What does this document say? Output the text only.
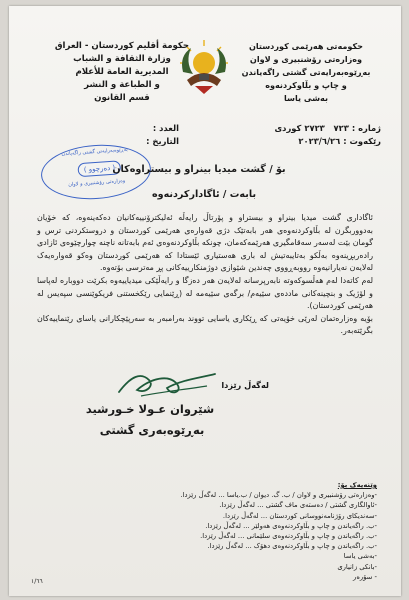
حکومەتی هەرێمی کوردستان
وەزارەتی رۆشنبیری و لاوان
بەڕێوەبەرایەتی گشتی راگەیاندن
و چاپ و بڵاوکردنەوە
بەشی یاسا
حكومة أقليم كوردستان - العراق
وزارة الثقافة و الشباب
المديرية العامة للأعلام
و الطباعة و النشر
قسم القانون
ژمارە : ٧٢٣   ٢٧٢٣ کوردی
رێکەوت : ٢٠٢٣/٦/٢٦
العدد :
التاريخ :
بەڕێوەبەرایەتی گشتی راگەیاندن
( دەرچوو )
وەزارەتی رۆشنبیری و لاوان
بۆ / گشت میدیا بینراو و بیستراوەکان
بابەت / ئاگادارکردنەوە

ئاگاداری گشت میدیا بینراو و بیستراو و پۆرتاڵ رایەڵە ئەلیکترۆنییەکانیان دەکەینەوە، کە خۆیان بەدووربگرن لە بڵاوکردنەوەی هەر بابەتێک دژی قەوارەی هەرێمی کوردستان و دروستکردنی ترس و گومان بێت لەسەر سەقامگیری هەرێمەکەمان، چونکە بڵاوکردنەوەی ئەم بابەتانە ناچنە چوارچێوەی ئازادی رادەربڕینەوە بەڵکو بەتایبەتیش لە باری هەستیاری ئێستادا کە هەرێمی کوردستان وەکو قەوارەیەک لەلایەن نەیارانیەوە رووبەڕووی چەندین شێوازی دوژمنکارییەکانی پڕ مەترسی بۆتەوە.

لەم کاتەدا لەم هەڵسوکەوتە نابەرپرسانە لەلایەن هەر دەزگا و رایەڵێکی میدیاییەوە بکرێت دووبارە لەپاسا و لۆژیک و بنچینەکانی ماددەی سێیەم/ برگەی سێیەمە لە (ڕێنمایی رێکخستنی فریکوێنسی سپەیس لە هەرێمی کوردستان).

بۆیە وەزارەتمان لەرێی خۆیەتی کە ڕێکاری یاسایی تووند بەرامبەر بە سەرپێچکارانی یاسای رێنماییەکان بگرێتەبەر.

لەگەڵ رێزدا
شێروان عـولا خـورشید
بەڕێوەبەری گشتی
وێنەیەک بۆ:
-وەزارەتی رۆشنبیری و لاوان / ب. گ. دیوان / ب.یاسا ... لەگەڵ رێزدا.
-ئاوالگاری گشتی / دەستەی ماف گشتی ... لەگەڵ رێزدا.
-سەندیکای رۆژنامەنووسانی کوردستان ... لەگەڵ رێزدا.
-ب. راگەیاندن و چاپ و بڵاوکردنەوەی هەولێر ... لەگەڵ رێزدا.
-ب. راگەیاندن و چاپ و بڵاوکردنەوەی سلێمانی ... لەگەڵ رێزدا.
-ب. راگەیاندن و چاپ و بڵاوکردنەوەی دهۆک ... لەگەڵ رێزدا.
-بەشی یاسا
-بانکی زانیاری
- سۆرەر
١/٦٦
